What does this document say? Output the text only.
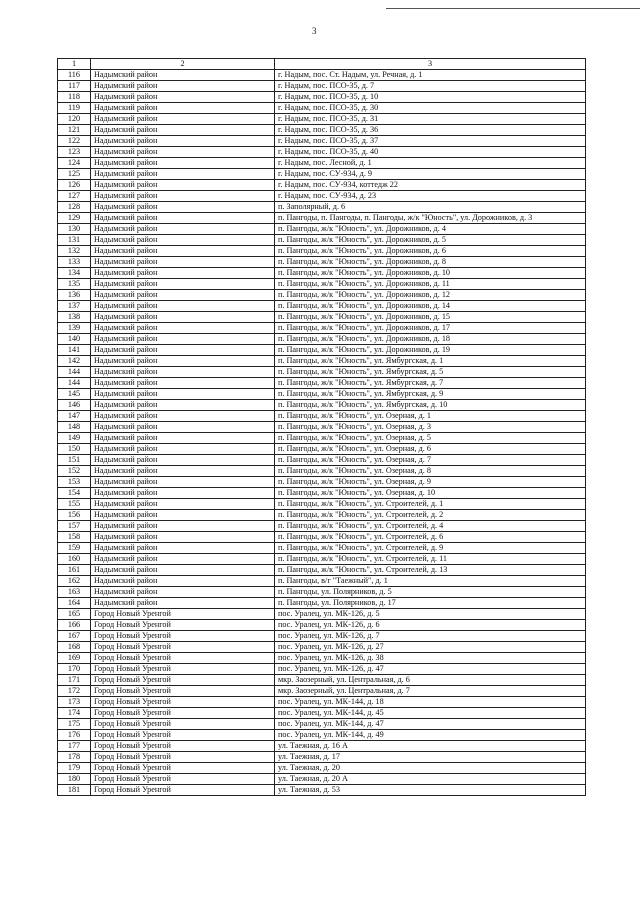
3
1	2	3
116	Надымский район	г. Надым, пос. Ст. Надым, ул. Речная, д. 1
117	Надымский район	г. Надым, пос. ПСО-35, д. 7
118	Надымский район	г. Надым, пос. ПСО-35, д. 10
119	Надымский район	г. Надым, пос. ПСО-35, д. 30
120	Надымский район	г. Надым, пос. ПСО-35, д. 31
121	Надымский район	г. Надым, пос. ПСО-35, д. 36
122	Надымский район	г. Надым, пос. ПСО-35, д. 37
123	Надымский район	г. Надым, пос. ПСО-35, д. 40
124	Надымский район	г. Надым, пос. Лесной, д. 1
125	Надымский район	г. Надым, пос. СУ-934, д. 9
126	Надымский район	г. Надым, пос. СУ-934, коттедж 22
127	Надымский район	г. Надым, пос. СУ-934, д. 23
128	Надымский район	п. Заполярный, д. 6
129	Надымский район	п. Пангоды, п. Пангоды, п. Пангоды, ж/к "Юность", ул. Дорожников, д. 3
130	Надымский район	п. Пангоды, ж/к "Юность", ул. Дорожников, д. 4
131	Надымский район	п. Пангоды, ж/к "Юность", ул. Дорожников, д. 5
132	Надымский район	п. Пангоды, ж/к "Юность", ул. Дорожников, д. 6
133	Надымский район	п. Пангоды, ж/к "Юность", ул. Дорожников, д. 8
134	Надымский район	п. Пангоды, ж/к "Юность", ул. Дорожников, д. 10
135	Надымский район	п. Пангоды, ж/к "Юность", ул. Дорожников, д. 11
136	Надымский район	п. Пангоды, ж/к "Юность", ул. Дорожников, д. 12
137	Надымский район	п. Пангоды, ж/к "Юность", ул. Дорожников, д. 14
138	Надымский район	п. Пангоды, ж/к "Юность", ул. Дорожников, д. 15
139	Надымский район	п. Пангоды, ж/к "Юность", ул. Дорожников, д. 17
140	Надымский район	п. Пангоды, ж/к "Юность", ул. Дорожников, д. 18
141	Надымский район	п. Пангоды, ж/к "Юность", ул. Дорожников, д. 19
142	Надымский район	п. Пангоды, ж/к "Юность", ул. Ямбургская, д. 1
144	Надымский район	п. Пангоды, ж/к "Юность", ул. Ямбургская, д. 5
144	Надымский район	п. Пангоды, ж/к "Юность", ул. Ямбургская, д. 7
145	Надымский район	п. Пангоды, ж/к "Юность", ул. Ямбургская, д. 9
146	Надымский район	п. Пангоды, ж/к "Юность", ул. Ямбургская, д. 10
147	Надымский район	п. Пангоды, ж/к "Юность", ул. Озерная, д. 1
148	Надымский район	п. Пангоды, ж/к "Юность", ул. Озерная, д. 3
149	Надымский район	п. Пангоды, ж/к "Юность", ул. Озерная, д. 5
150	Надымский район	п. Пангоды, ж/к "Юность", ул. Озерная, д. 6
151	Надымский район	п. Пангоды, ж/к "Юность", ул. Озерная, д. 7
152	Надымский район	п. Пангоды, ж/к "Юность", ул. Озерная, д. 8
153	Надымский район	п. Пангоды, ж/к "Юность", ул. Озерная, д. 9
154	Надымский район	п. Пангоды, ж/к "Юность", ул. Озерная, д. 10
155	Надымский район	п. Пангоды, ж/к "Юность", ул. Строителей, д. 1
156	Надымский район	п. Пангоды, ж/к "Юность", ул. Строителей, д. 2
157	Надымский район	п. Пангоды, ж/к "Юность", ул. Строителей, д. 4
158	Надымский район	п. Пангоды, ж/к "Юность", ул. Строителей, д. 6
159	Надымский район	п. Пангоды, ж/к "Юность", ул. Строителей, д. 9
160	Надымский район	п. Пангоды, ж/к "Юность", ул. Строителей, д. 11
161	Надымский район	п. Пангоды, ж/к "Юность", ул. Строителей, д. 13
162	Надымский район	п. Пангоды, в/г "Таежный", д. 1
163	Надымский район	п. Пангоды, ул. Полярников, д. 5
164	Надымский район	п. Пангоды, ул. Полярников, д. 17
165	Город Новый Уренгой	пос. Уралец, ул. МК-126, д. 5
166	Город Новый Уренгой	пос. Уралец, ул. МК-126, д. 6
167	Город Новый Уренгой	пос. Уралец, ул. МК-126, д. 7
168	Город Новый Уренгой	пос. Уралец, ул. МК-126, д. 27
169	Город Новый Уренгой	пос. Уралец, ул. МК-126, д. 38
170	Город Новый Уренгой	пос. Уралец, ул. МК-126, д. 47
171	Город Новый Уренгой	мкр. Заозерный, ул. Центральная, д. 6
172	Город Новый Уренгой	мкр. Заозерный, ул. Центральная, д. 7
173	Город Новый Уренгой	пос. Уралец, ул. МК-144, д. 18
174	Город Новый Уренгой	пос. Уралец, ул. МК-144, д. 45
175	Город Новый Уренгой	пос. Уралец, ул. МК-144, д. 47
176	Город Новый Уренгой	пос. Уралец, ул. МК-144, д. 49
177	Город Новый Уренгой	ул. Таежная, д. 16 А
178	Город Новый Уренгой	ул. Таежная, д. 17
179	Город Новый Уренгой	ул. Таежная, д. 20
180	Город Новый Уренгой	ул. Таежная, д. 20 А
181	Город Новый Уренгой	ул. Таежная, д. 53
